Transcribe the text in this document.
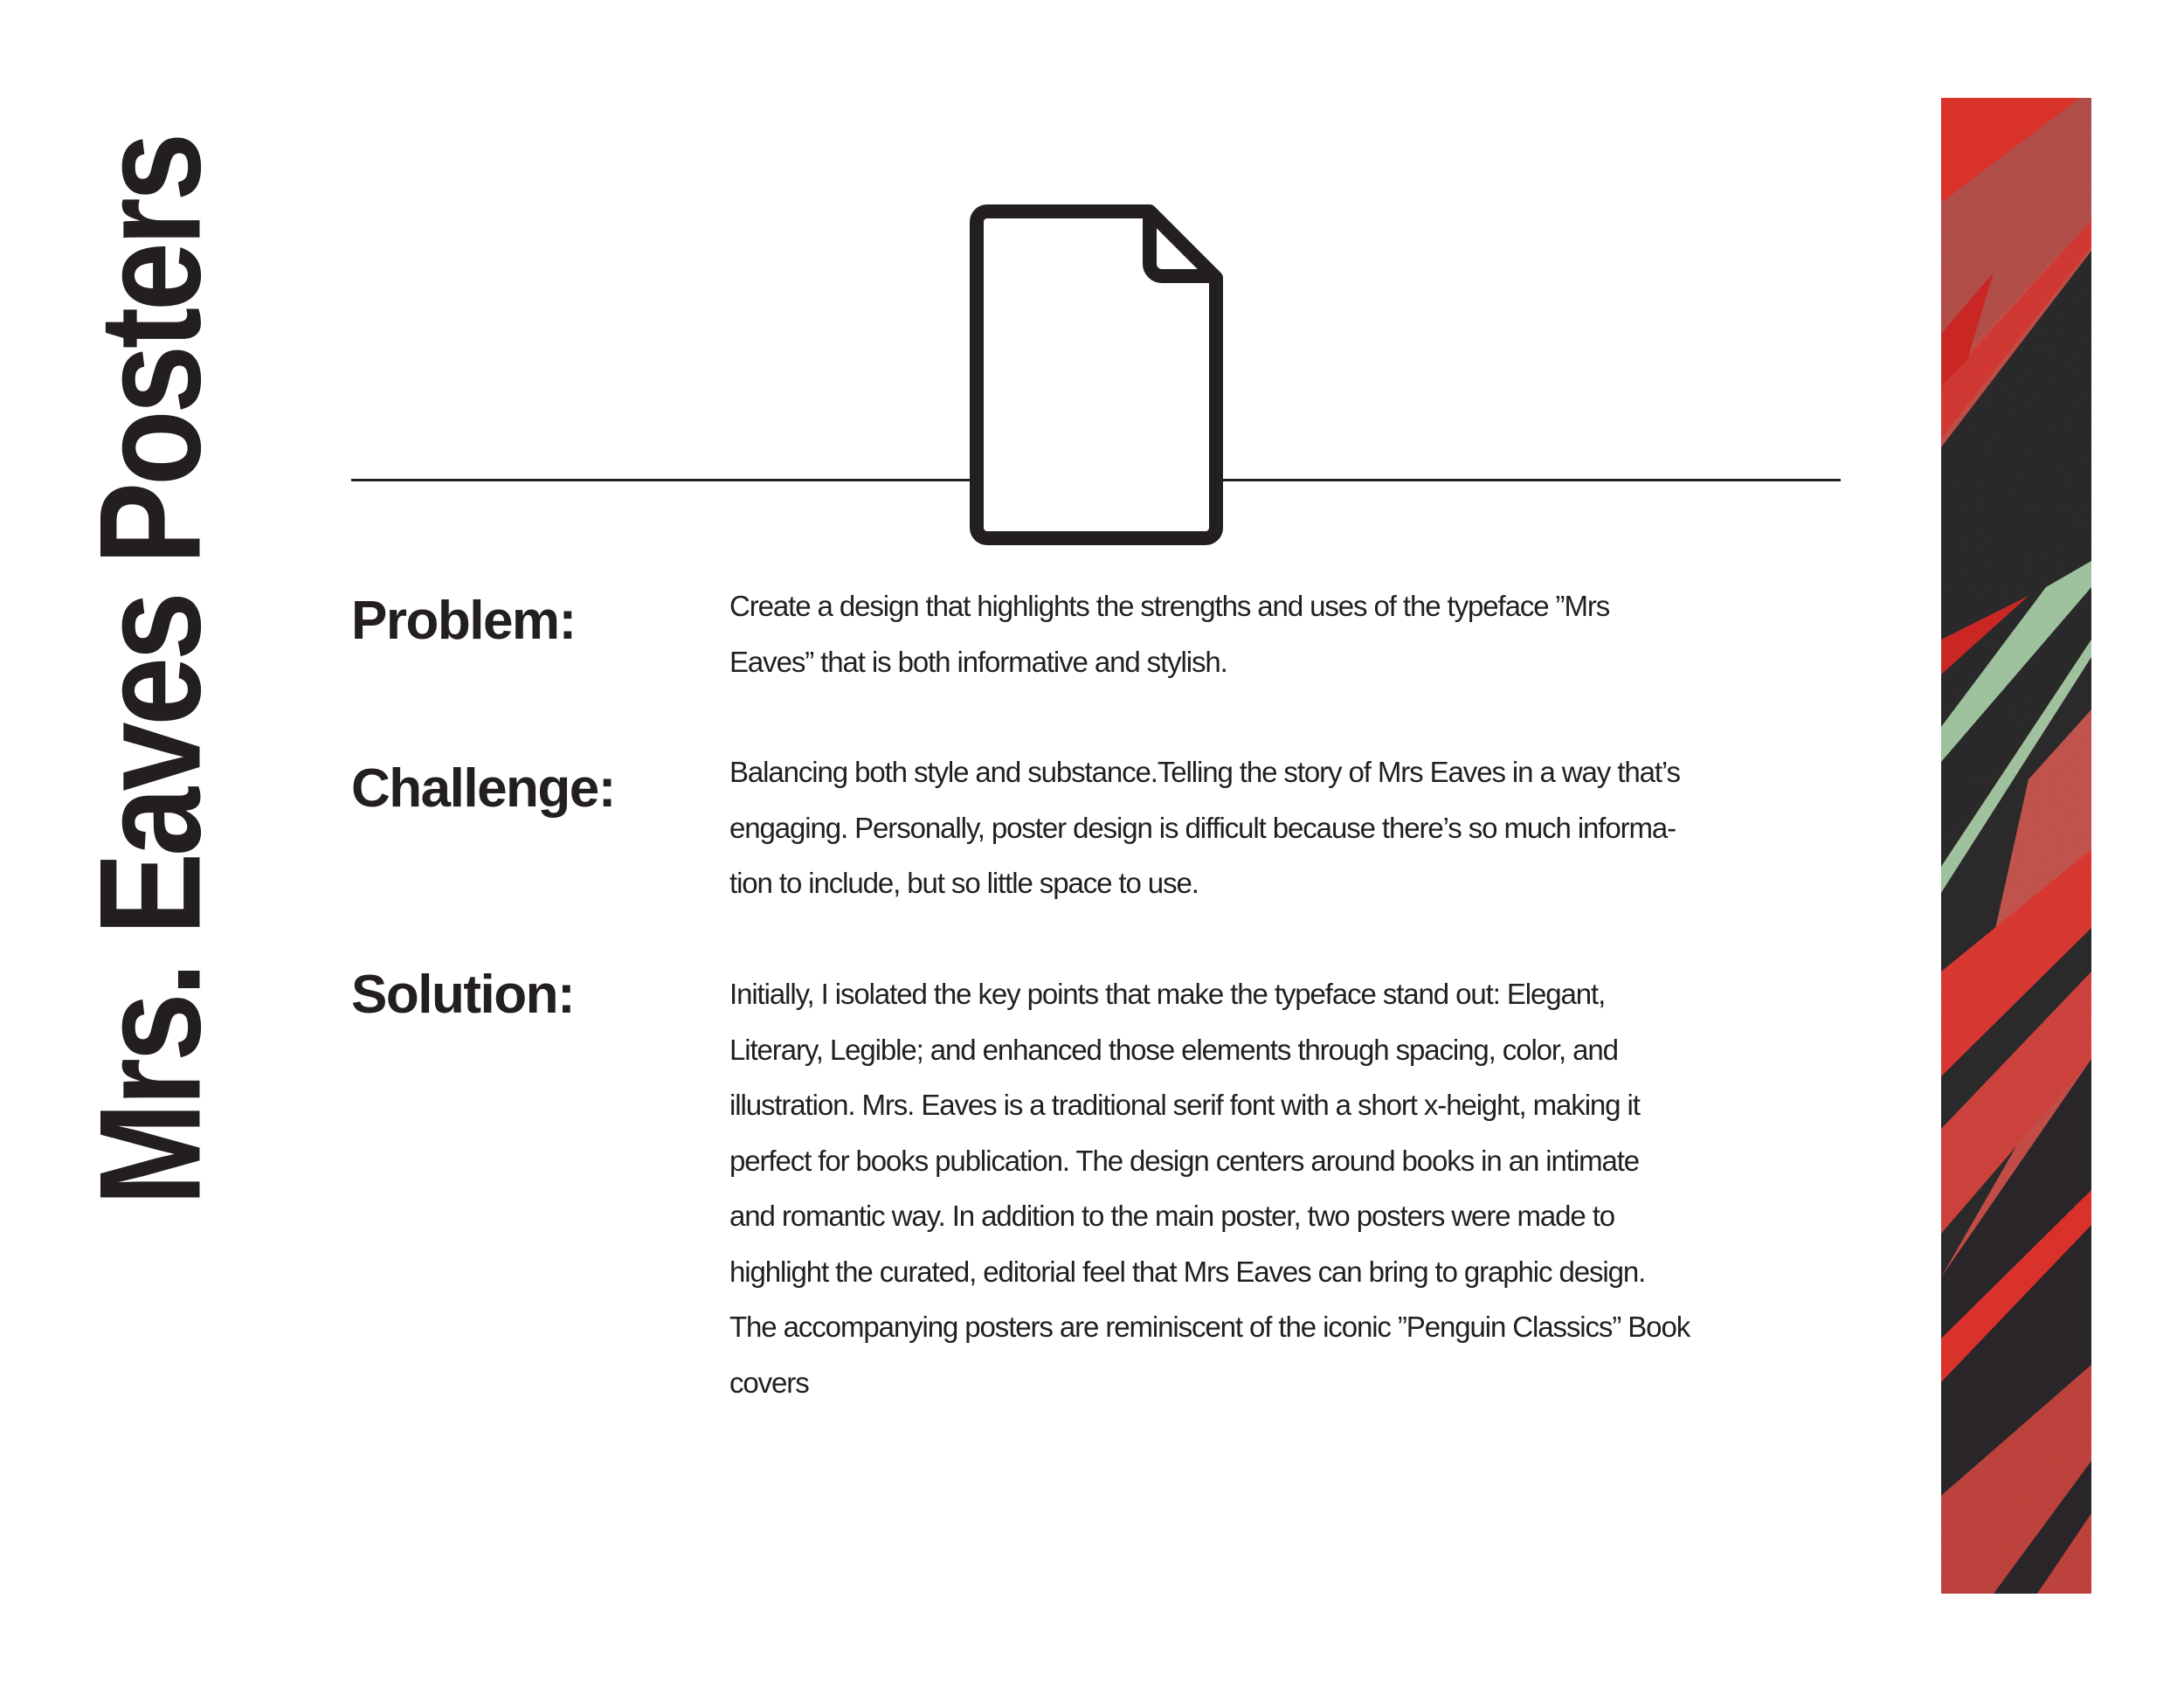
Mrs. Eaves Posters Problem:	Create a design that highlights the strengths and uses of the typeface ”Mrs
Eaves” that is both informative and stylish.
Challenge:	Balancing both style and substance.Telling the story of Mrs Eaves in a way that’s
engaging. Personally, poster design is difficult because there’s so much informa-
tion to include, but so little space to use.
Solution:	Initially, I isolated the key points that make the typeface stand out: Elegant,
Literary, Legible; and enhanced those elements through spacing, color, and
illustration. Mrs. Eaves is a traditional serif font with a short x-height, making it
perfect for books publication. The design centers around books in an intimate
and romantic way. In addition to the main poster, two posters were made to
highlight the curated, editorial feel that Mrs Eaves can bring to graphic design.
The accompanying posters are reminiscent of the iconic ”Penguin Classics” Book
covers
